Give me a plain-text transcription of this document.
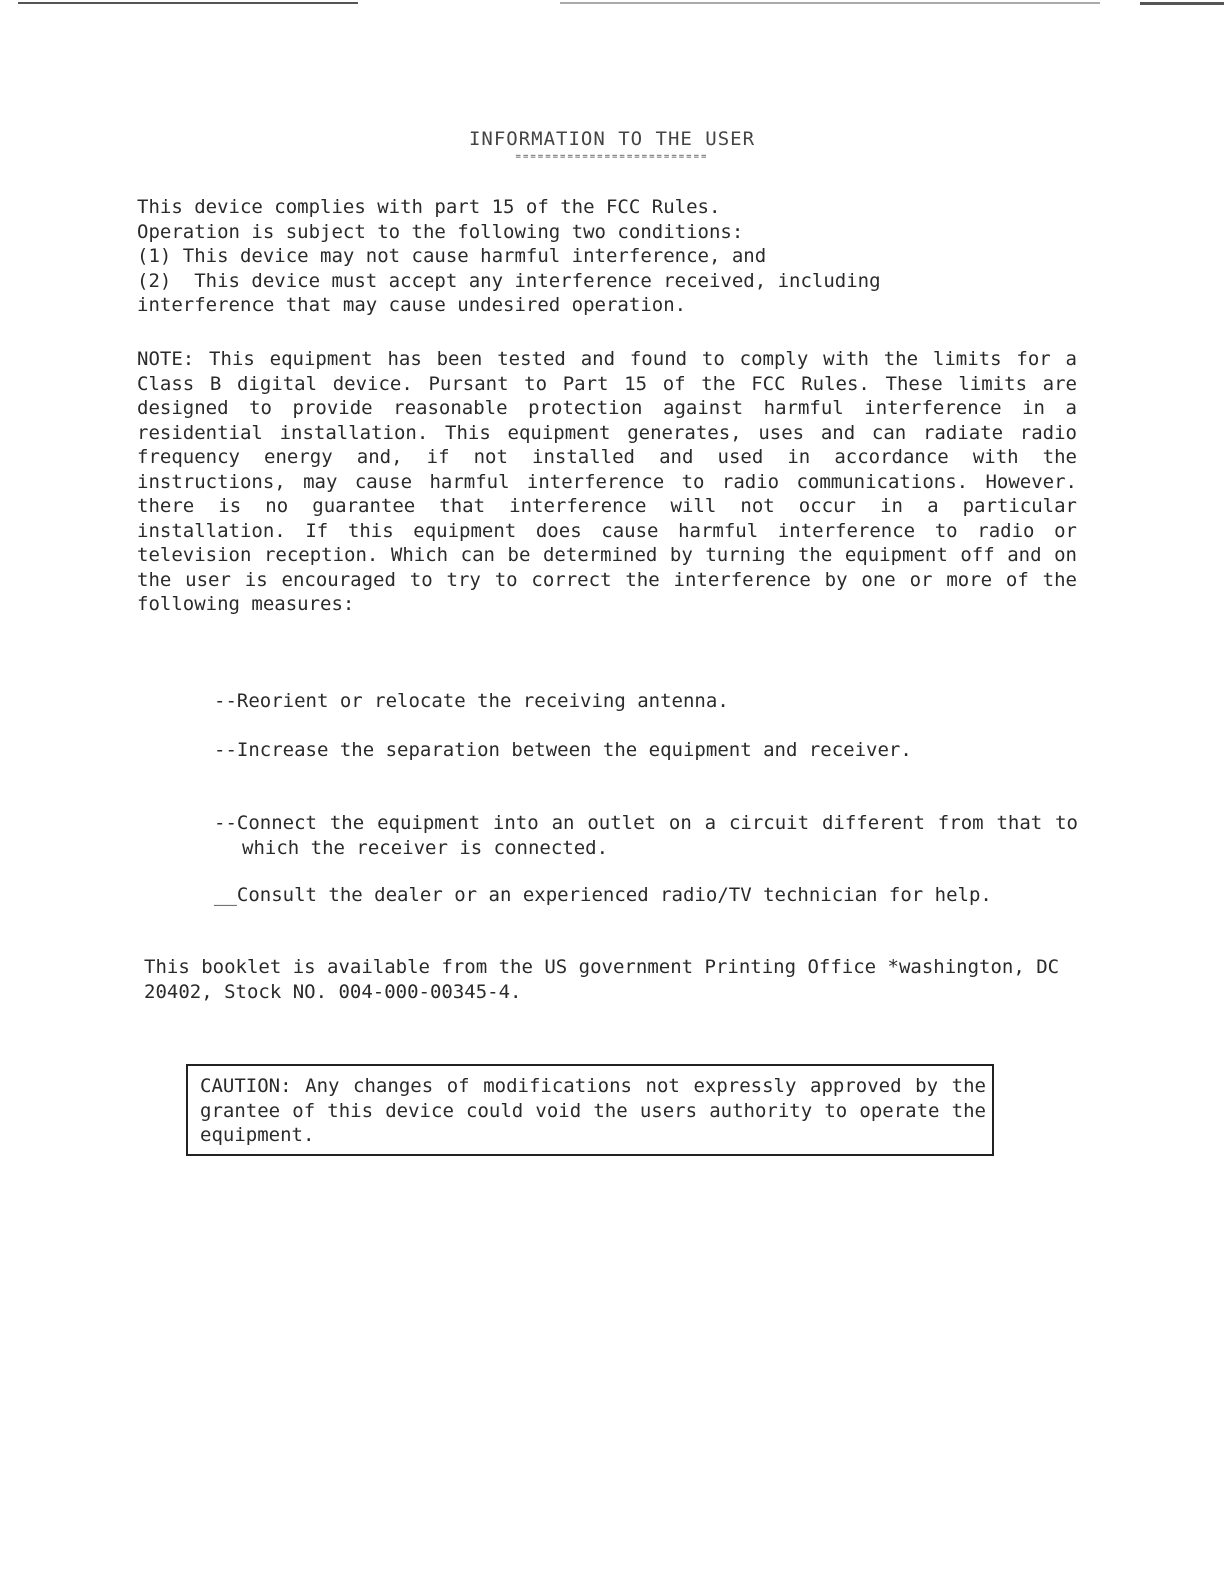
INFORMATION TO THE USER
==========================
This device complies with part 15 of the FCC Rules.
Operation is subject to the following two conditions:
(1) This device may not cause harmful interference, and
(2)  This device must accept any interference received, including
interference that may cause undesired operation.
NOTE: This equipment has been tested and found to comply with the limits for a Class B digital device. Pursant to Part 15 of the FCC Rules. These limits are designed to provide reasonable protection against harmful interference in a residential installation. This equipment generates, uses and can radiate radio frequency energy and, if not installed and used in accordance with the instructions, may cause harmful interference to radio communications. However. there is no guarantee that interference will not occur in a particular installation. If this equipment does cause harmful interference to radio or television reception. Which can be determined by turning the equipment off and on the user is encouraged to try to correct the interference by one or more of the following measures:
--Reorient or relocate the receiving antenna.
--Increase the separation between the equipment and receiver.
--Connect the equipment into an outlet on a circuit different from that to which the receiver is connected.
__Consult the dealer or an experienced radio/TV technician for help.
This booklet is available from the US government Printing Office *washington, DC 20402, Stock NO. 004-000-00345-4.
CAUTION: Any changes of modifications not expressly approved by the grantee of this device could void the users authority to operate the equipment.
